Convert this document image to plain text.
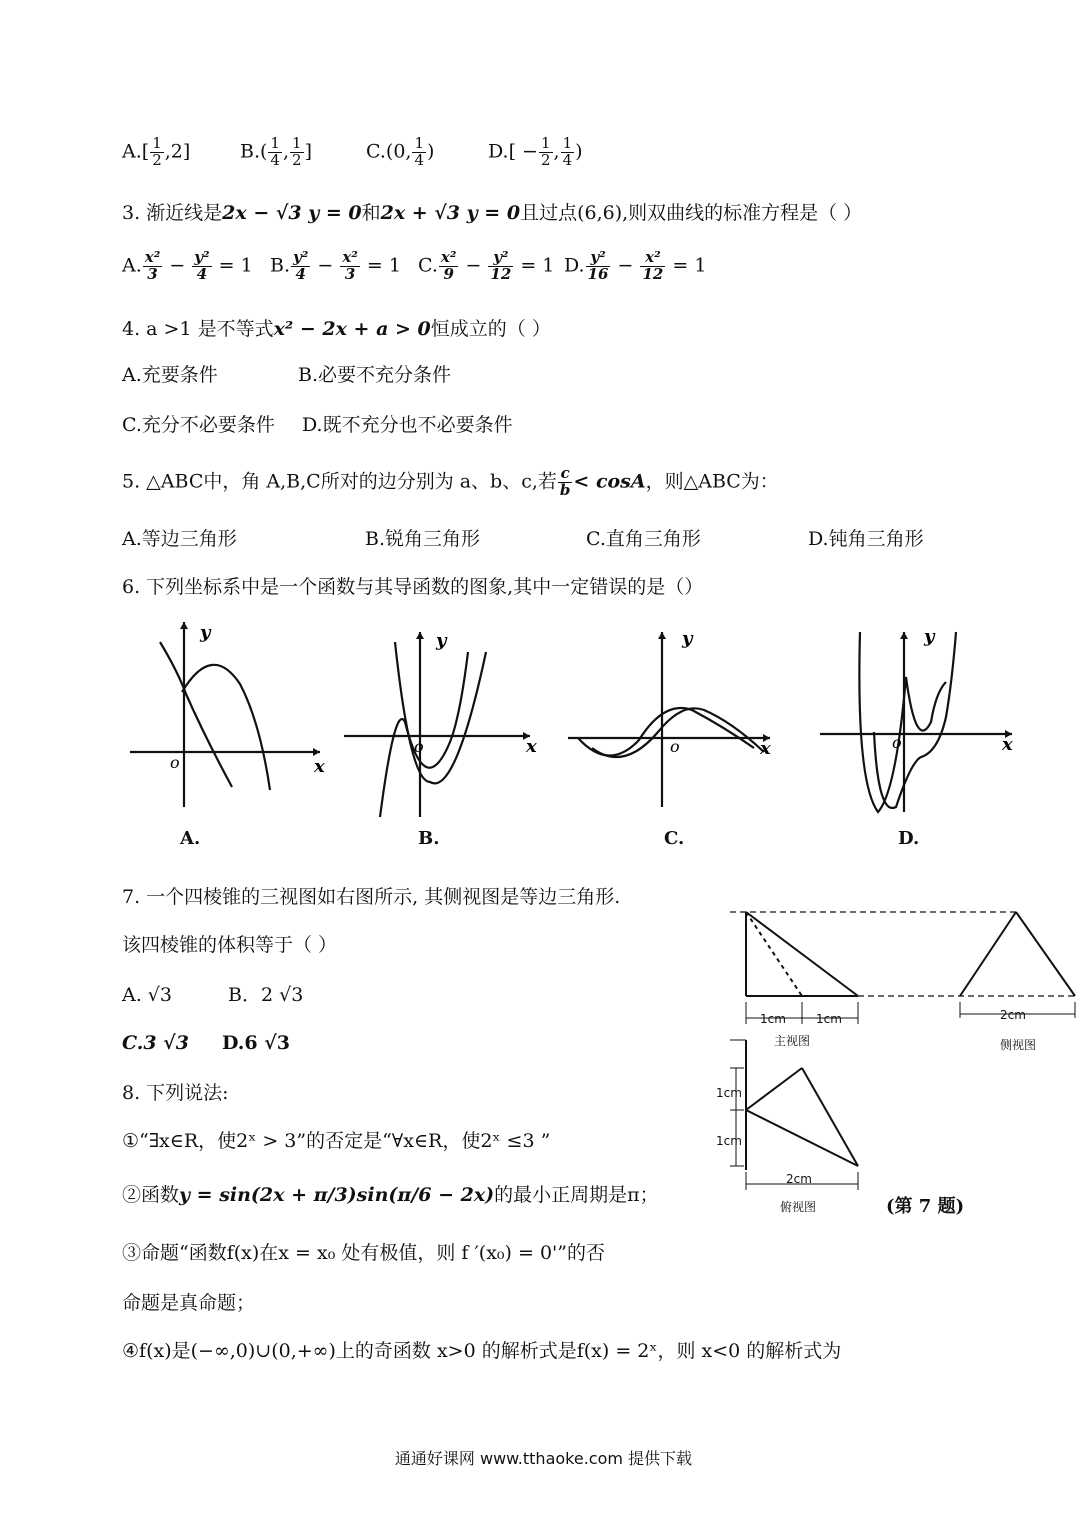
$A.[ \frac{1}{2} ,2]$	$B.( \frac{1}{4}$ , $\frac{1}{2}$ ]	C.(0, $\frac{1}{4}$ )	$D.[ - \frac{1}{2}$ , $\frac{1}{4}$ )
3. 渐近线是2x − √3 y = 0和2x + √3 y = 0且过点(6,6),则双曲线的标准方程是（ ）
A. $\frac{\text{x²}}{3} - \frac{\text{y²}}{4} = 1$ B. $\frac{\text{y²}}{4} - \frac{\text{x²}}{3} = 1$ C. $\frac{\text{x²}}{9} - \frac{\text{y²}}{12} = 1$ D. $\frac{\text{y²}}{16} - \frac{\text{x²}}{12} = 1$
4. a >1 是不等式x² − 2x + a > 0恒成立的（ ）
A.充要条件	B.必要不充分条件
C.充分不必要条件 D.既不充分也不必要条件
5. △ABC中，角 A,B,C所对的边分别为 a、b、c,若 $\frac{c}{b} < \cos A$，则△ABC为：
A.等边三角形	B.锐角三角形	C.直角三角形	D.钝角三角形
6. 下列坐标系中是一个函数与其导函数的图象,其中一定错误的是（）
y
x
o
A.
y
x
o
B.
y
x
o
C.
y
x
o
D.
7. 一个四棱锥的三视图如右图所示, 其侧视图是等边三角形.
该四棱锥的体积等于（ ）
A. √3	B．2 √3
C.3 √3 D.6 √3
1cm	1cm
主视图
2cm
侧视图
1cm
1cm
2cm
俯视图	(第 7 题)
8. 下列说法:
①“∃x∈R，使2ˣ > 3”的否定是“∀x∈R，使2ˣ ≤3 ”
②函数y = sin(2x + π/3)sin(π/6 − 2x)的最小正周期是π；
③命题“函数f(x)在x = x₀ 处有极值，则 f ′(x₀) = 0'”的否
命题是真命题；
④f(x)是(−∞,0)∪(0,+∞)上的奇函数 x>0 的解析式是f(x) = 2ˣ，则 x<0 的解析式为
通通好课网 www.tthaoke.com 提供下载
